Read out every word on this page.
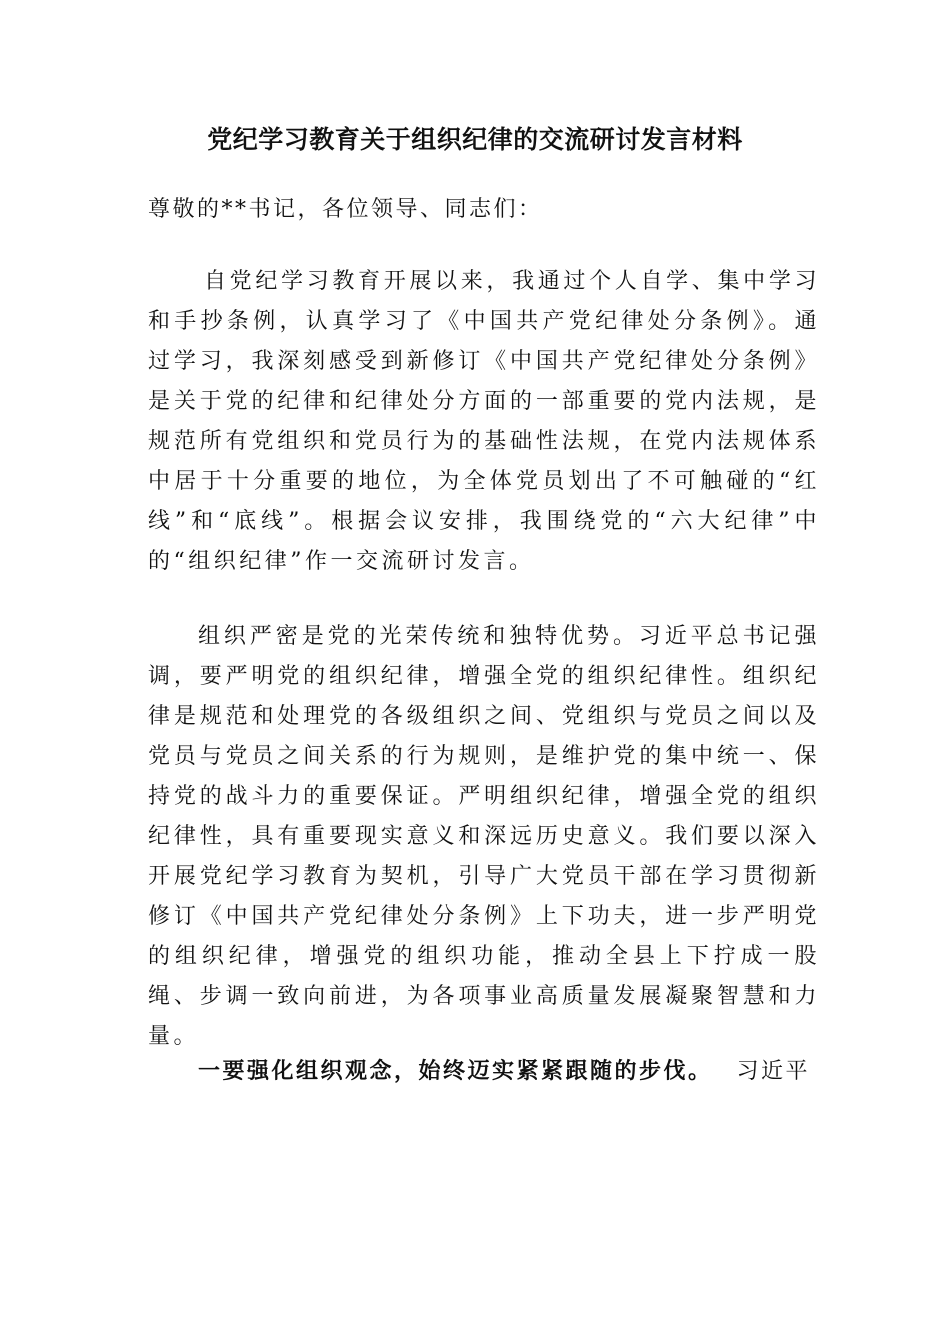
党纪学习教育关于组织纪律的交流研讨发言材料
尊敬的**书记，各位领导、同志们：
自党纪学习教育开展以来，我通过个人自学、集中学习和手抄条例，认真学习了《中国共产党纪律处分条例》。通过学习，我深刻感受到新修订《中国共产党纪律处分条例》是关于党的纪律和纪律处分方面的一部重要的党内法规，是规范所有党组织和党员行为的基础性法规，在党内法规体系中居于十分重要的地位，为全体党员划出了不可触碰的“红线”和“底线”。根据会议安排，我围绕党的“六大纪律”中的“组织纪律”作一交流研讨发言。
组织严密是党的光荣传统和独特优势。习近平总书记强调，要严明党的组织纪律，增强全党的组织纪律性。组织纪律是规范和处理党的各级组织之间、党组织与党员之间以及党员与党员之间关系的行为规则，是维护党的集中统一、保持党的战斗力的重要保证。严明组织纪律，增强全党的组织纪律性，具有重要现实意义和深远历史意义。我们要以深入开展党纪学习教育为契机，引导广大党员干部在学习贯彻新修订《中国共产党纪律处分条例》上下功夫，进一步严明党的组织纪律，增强党的组织功能，推动全县上下拧成一股绳、步调一致向前进，为各项事业高质量发展凝聚智慧和力量。
一要强化组织观念，始终迈实紧紧跟随的步伐。 习近平
